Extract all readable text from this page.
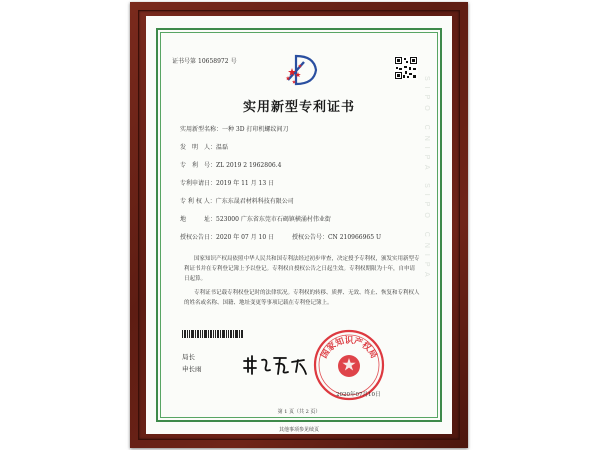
SIPO CNIPA SIPO CNIPA
证书号第 10658972 号
实用新型专利证书
实用新型名称：一种 3D 打印机螺纹间刀
发　明　人：温磊
专　利　号：ZL 2019 2 1962806.4
专利申请日：2019 年 11 月 13 日
专 利 权 人：广东东晟君材料科技有限公司
地　　　址：523000 广东省东莞市石碣镇横涌村伟业街
授权公告日：2020 年 07 月 10 日	授权公告号：CN 210966965 U
国家知识产权局依照中华人民共和国专利法经过初步审查，决定授予专利权，颁发实用新型专利证书并在专利登记簿上予以登记。专利权自授权公告之日起生效。专利权期限为十年，自申请日起算。
专利证书记载专利权登记时的法律状况。专利权的转移、质押、无效、终止、恢复和专利权人的姓名或名称、国籍、地址变更等事项记载在专利登记簿上。
局长
申长雨
国家知识产权局
2020年07月10日
第 1 页（共 2 页）
其他事项参见续页
